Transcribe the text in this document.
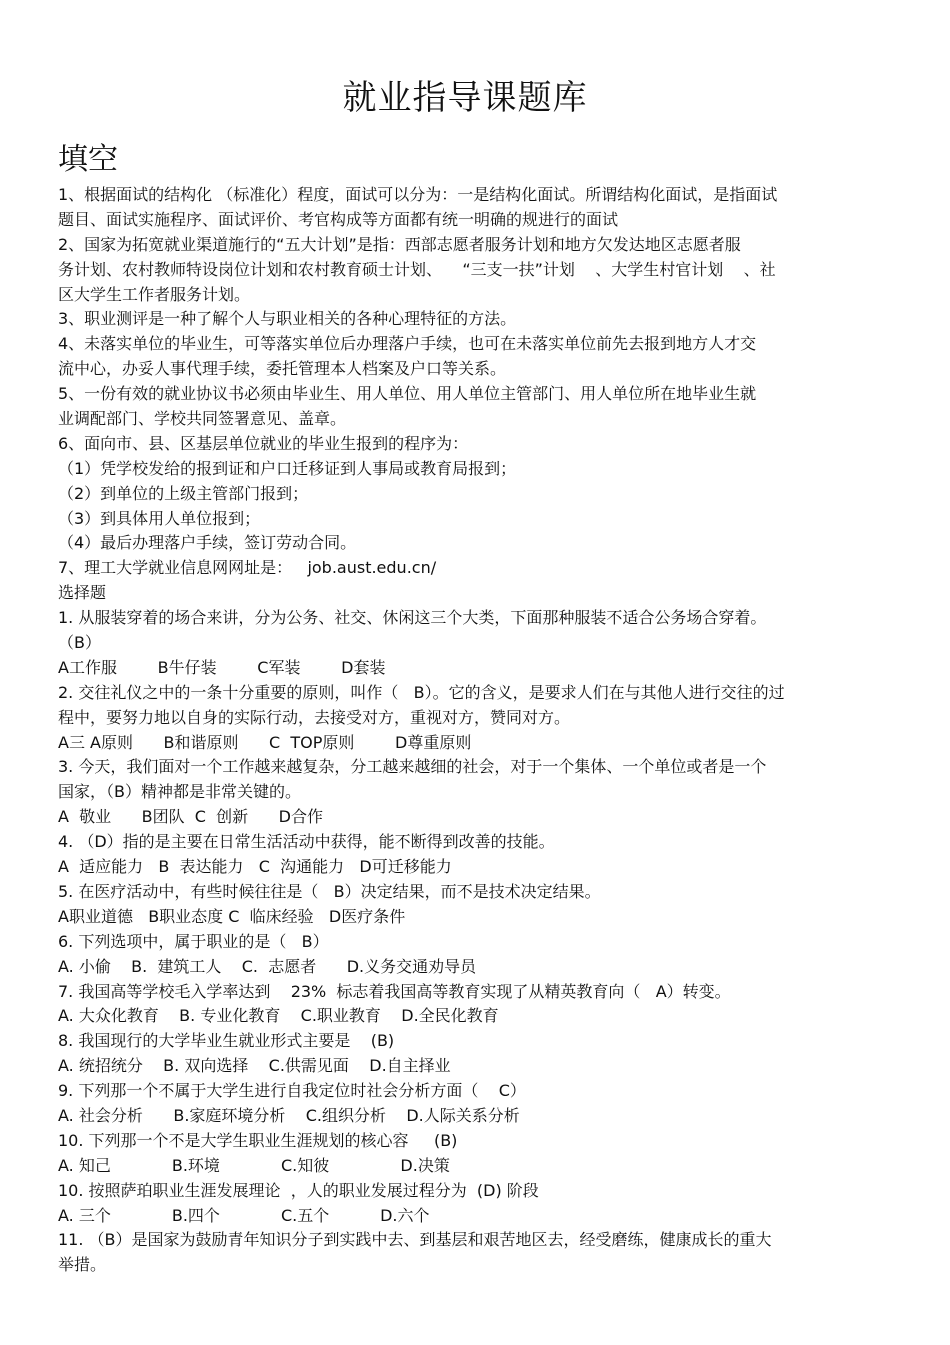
就业指导课题库
填空
1、根据面试的结构化 （标准化）程度，面试可以分为：一是结构化面试。所谓结构化面试，是指面试
题目、面试实施程序、面试评价、考官构成等方面都有统一明确的规进行的面试
2、国家为拓宽就业渠道施行的“五大计划”是指：西部志愿者服务计划和地方欠发达地区志愿者服
务计划、农村教师特设岗位计划和农村教育硕士计划、    “三支一扶”计划    、大学生村官计划    、社
区大学生工作者服务计划。
3、职业测评是一种了解个人与职业相关的各种心理特征的方法。
4、未落实单位的毕业生，可等落实单位后办理落户手续，也可在未落实单位前先去报到地方人才交
流中心，办妥人事代理手续，委托管理本人档案及户口等关系。
5、一份有效的就业协议书必须由毕业生、用人单位、用人单位主管部门、用人单位所在地毕业生就
业调配部门、学校共同签署意见、盖章。
6、面向市、县、区基层单位就业的毕业生报到的程序为：
（1）凭学校发给的报到证和户口迁移证到人事局或教育局报到；
（2）到单位的上级主管部门报到；
（3）到具体用人单位报到；
（4）最后办理落户手续，签订劳动合同。
7、理工大学就业信息网网址是：   job.aust.edu.cn/
选择题
1. 从服装穿着的场合来讲，分为公务、社交、休闲这三个大类，下面那种服装不适合公务场合穿着。
（B）
A工作服        B牛仔装        C军装        D套装
2. 交往礼仪之中的一条十分重要的原则，叫作（   B）。它的含义，是要求人们在与其他人进行交往的过
程中，要努力地以自身的实际行动，去接受对方，重视对方，赞同对方。
A三 A原则      B和谐原则      C  TOP原则        D尊重原则
3. 今天，我们面对一个工作越来越复杂，分工越来越细的社会，对于一个集体、一个单位或者是一个
国家，（B）精神都是非常关键的。
A  敬业      B团队  C  创新      D合作
4. （D）指的是主要在日常生活活动中获得，能不断得到改善的技能。
A  适应能力   B  表达能力   C  沟通能力   D可迁移能力
5. 在医疗活动中，有些时候往往是（   B）决定结果，而不是技术决定结果。
A职业道德   B职业态度 C  临床经验   D医疗条件
6. 下列选项中，属于职业的是（   B）
A. 小偷    B.  建筑工人    C.  志愿者      D.义务交通劝导员
7. 我国高等学校毛入学率达到    23%  标志着我国高等教育实现了从精英教育向（   A）转变。
A. 大众化教育    B. 专业化教育    C.职业教育    D.全民化教育
8. 我国现行的大学毕业生就业形式主要是    (B)
A. 统招统分    B. 双向选择    C.供需见面    D.自主择业
9. 下列那一个不属于大学生进行自我定位时社会分析方面（    C）
A. 社会分析      B.家庭环境分析    C.组织分析    D.人际关系分析
10. 下列那一个不是大学生职业生涯规划的核心容     (B)
A. 知己            B.环境            C.知彼              D.决策
10. 按照萨珀职业生涯发展理论  ，人的职业发展过程分为  (D) 阶段
A. 三个            B.四个            C.五个          D.六个
11. （B）是国家为鼓励青年知识分子到实践中去、到基层和艰苦地区去，经受磨练，健康成长的重大
举措。
